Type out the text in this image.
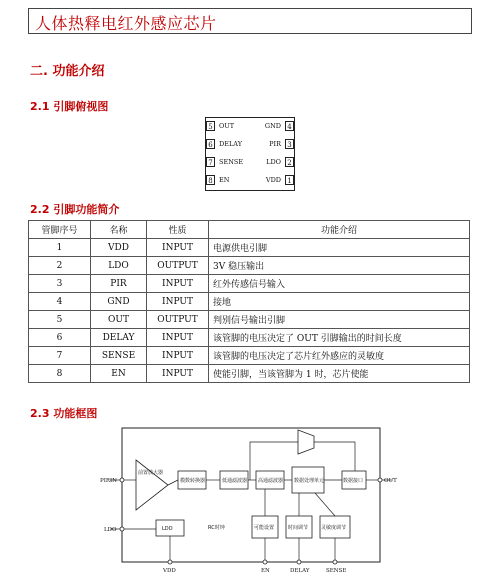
人体热释电红外感应芯片
二. 功能介绍
2.1 引脚俯视图
5 OUT
6 DELAY
7 SENSE
8 EN
4
GND
3
PIR
2
LDO
1
VDD
2.2 引脚功能简介
管脚序号	名称	性质	功能介绍
1	VDD	INPUT	电源供电引脚
2	LDO	OUTPUT	3V 稳压输出
3	PIR	INPUT	红外传感信号输入
4	GND	INPUT	接地
5	OUT	OUTPUT	判别信号输出引脚
6	DELAY	INPUT	该管脚的电压决定了 OUT 引脚输出的时间长度
7	SENSE	INPUT	该管脚的电压决定了芯片红外感应的灵敏度
8	EN	INPUT	使能引脚，当该管脚为 1 时，芯片使能
2.3 功能框图
前置放大器
模数转换器	低通滤波器 高通滤波器 数据处理单元	数据接口
LDO	RC时钟	可能设置	时间调节	灵敏度调节
PIRIN
LDO
OUT
VDD	EN	DELAY	SENSE
